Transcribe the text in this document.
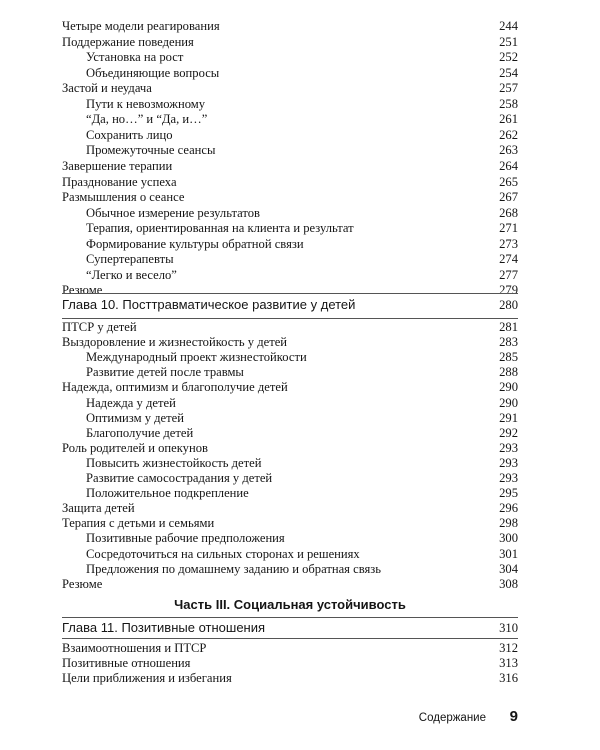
Четыре модели реагирования	244
Поддержание поведения	251
Установка на рост	252
Объединяющие вопросы	254
Застой и неудача	257
Пути к невозможному	258
“Да, но…” и “Да, и…”	261
Сохранить лицо	262
Промежуточные сеансы	263
Завершение терапии	264
Празднование успеха	265
Размышления о сеансе	267
Обычное измерение результатов	268
Терапия, ориентированная на клиента и результат	271
Формирование культуры обратной связи	273
Супертерапевты	274
“Легко и весело”	277
Резюме	279
Глава 10. Посттравматическое развитие у детей	280
ПТСР у детей	281
Выздоровление и жизнестойкость у детей	283
Международный проект жизнестойкости	285
Развитие детей после травмы	288
Надежда, оптимизм и благополучие детей	290
Надежда у детей	290
Оптимизм у детей	291
Благополучие детей	292
Роль родителей и опекунов	293
Повысить жизнестойкость детей	293
Развитие самосострадания у детей	293
Положительное подкрепление	295
Защита детей	296
Терапия с детьми и семьями	298
Позитивные рабочие предположения	300
Сосредоточиться на сильных сторонах и решениях	301
Предложения по домашнему заданию и обратная связь	304
Резюме	308
Часть III. Социальная устойчивость
Глава 11. Позитивные отношения	310
Взаимоотношения и ПТСР	312
Позитивные отношения	313
Цели приближения и избегания	316
Содержание 9
